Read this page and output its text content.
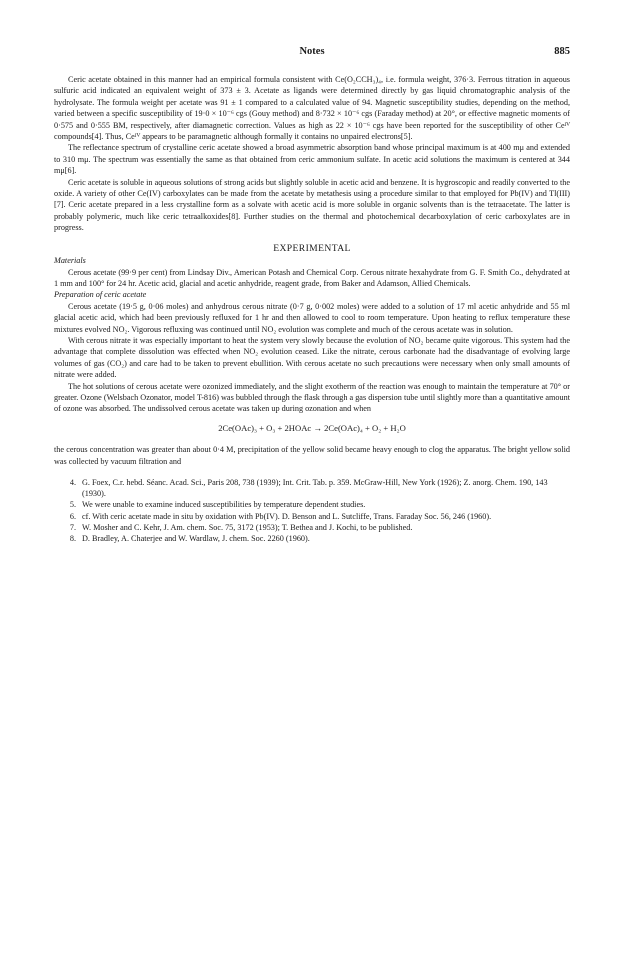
Notes	885

Ceric acetate obtained in this manner had an empirical formula consistent with Ce(O₂CCH₃)₄, i.e. formula weight, 376·3. Ferrous titration in aqueous sulfuric acid indicated an equivalent weight of 373 ± 3. Acetate as ligands were determined directly by gas liquid chromatographic analysis of the hydrolysate. The formula weight per acetate was 91 ± 1 compared to a calculated value of 94. Magnetic susceptibility studies, depending on the method, varied between a specific susceptibility of 19·0 × 10⁻⁶ cgs (Gouy method) and 8·732 × 10⁻⁶ cgs (Faraday method) at 20°, or effective magnetic moments of 0·575 and 0·555 BM, respectively, after diamagnetic correction. Values as high as 22 × 10⁻⁶ cgs have been reported for the susceptibility of other Ceᴵⱽ compounds[4]. Thus, Ceᴵⱽ appears to be paramagnetic although formally it contains no unpaired electrons[5].

The reflectance spectrum of crystalline ceric acetate showed a broad asymmetric absorption band whose principal maximum is at 400 mμ and extended to 310 mμ. The spectrum was essentially the same as that obtained from ceric ammonium sulfate. In acetic acid solutions the maximum is centered at 344 mμ[6].

Ceric acetate is soluble in aqueous solutions of strong acids but slightly soluble in acetic acid and benzene. It is hygroscopic and readily converted to the oxide. A variety of other Ce(IV) carboxylates can be made from the acetate by metathesis using a procedure similar to that employed for Pb(IV) and Tl(III)[7]. Ceric acetate prepared in a less crystalline form as a solvate with acetic acid is more soluble in organic solvents than is the tetraacetate. The latter is probably polymeric, much like ceric tetraalkoxides[8]. Further studies on the thermal and photochemical decarboxylation of ceric carboxylates are in progress.

EXPERIMENTAL

Materials

Cerous acetate (99·9 per cent) from Lindsay Div., American Potash and Chemical Corp. Cerous nitrate hexahydrate from G. F. Smith Co., dehydrated at 1 mm and 100° for 24 hr. Acetic acid, glacial and acetic anhydride, reagent grade, from Baker and Adamson, Allied Chemicals.

Preparation of ceric acetate

Cerous acetate (19·5 g, 0·06 moles) and anhydrous cerous nitrate (0·7 g, 0·002 moles) were added to a solution of 17 ml acetic anhydride and 55 ml glacial acetic acid, which had been previously refluxed for 1 hr and then allowed to cool to room temperature. Upon heating to reflux temperature these mixtures evolved NO₂. Vigorous refluxing was continued until NO₂ evolution was complete and much of the cerous acetate was in solution.

With cerous nitrate it was especially important to heat the system very slowly because the evolution of NO₂ became quite vigorous. This system had the advantage that complete dissolution was effected when NO₂ evolution ceased. Like the nitrate, cerous carbonate had the disadvantage of evolving large volumes of gas (CO₂) and care had to be taken to prevent ebullition. With cerous acetate no such precautions were necessary when only small amounts of nitrate were added.

The hot solutions of cerous acetate were ozonized immediately, and the slight exotherm of the reaction was enough to maintain the temperature at 70° or greater. Ozone (Welsbach Ozonator, model T-816) was bubbled through the flask through a gas dispersion tube until slightly more than a quantitative amount of ozone was absorbed. The undissolved cerous acetate was taken up during ozonation and when

2Ce(OAc)₃ + O₃ + 2HOAc → 2Ce(OAc)₄ + O₂ + H₂O

the cerous concentration was greater than about 0·4 M, precipitation of the yellow solid became heavy enough to clog the apparatus. The bright yellow solid was collected by vacuum filtration and

4. G. Foex, C.r. hebd. Séanc. Acad. Sci., Paris 208, 738 (1939); Int. Crit. Tab. p. 359. McGraw-Hill, New York (1926); Z. anorg. Chem. 190, 143 (1930).
5. We were unable to examine induced susceptibilities by temperature dependent studies.
6. cf. With ceric acetate made in situ by oxidation with Pb(IV). D. Benson and L. Sutcliffe, Trans. Faraday Soc. 56, 246 (1960).
7. W. Mosher and C. Kehr, J. Am. chem. Soc. 75, 3172 (1953); T. Bethea and J. Kochi, to be published.
8. D. Bradley, A. Chaterjee and W. Wardlaw, J. chem. Soc. 2260 (1960).
